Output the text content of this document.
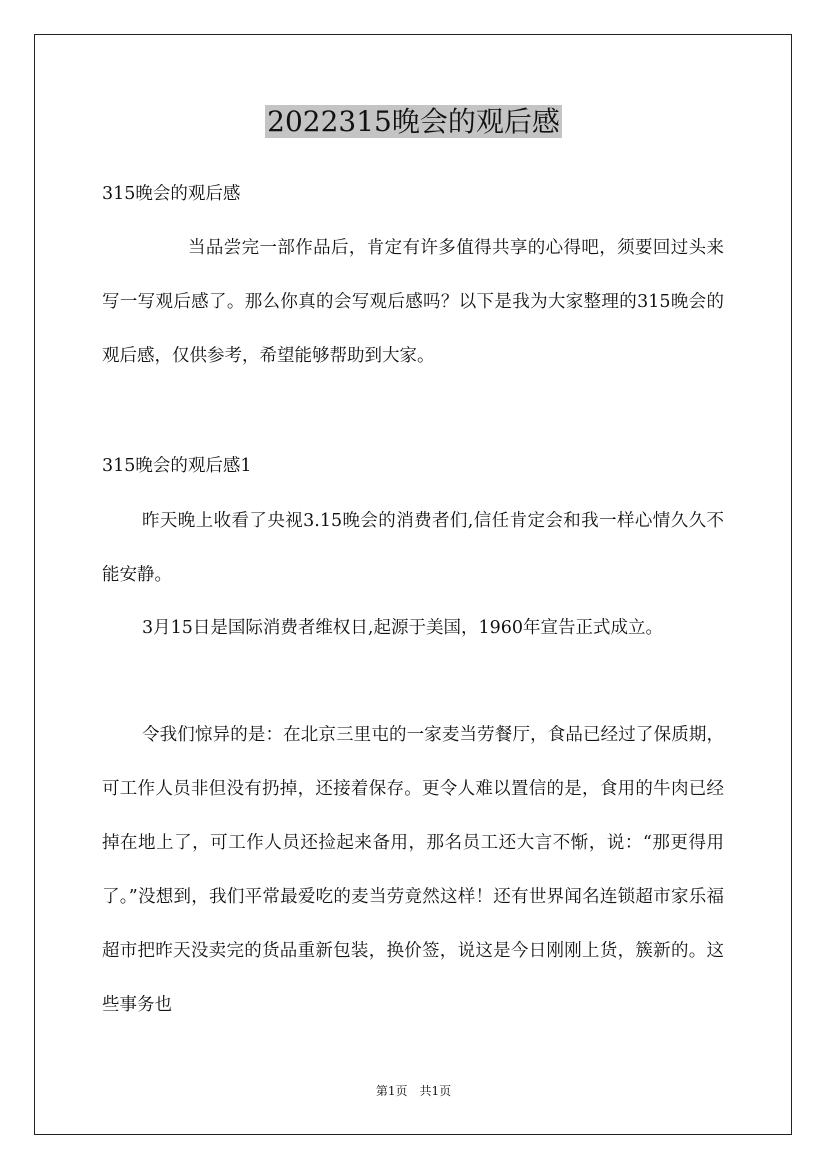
2022315晚会的观后感

315晚会的观后感

当品尝完一部作品后，肯定有许多值得共享的心得吧，须要回过头来写一写观后感了。那么你真的会写观后感吗？以下是我为大家整理的315晚会的观后感，仅供参考，希望能够帮助到大家。

315晚会的观后感1

昨天晚上收看了央视3.15晚会的消费者们,信任肯定会和我一样心情久久不能安静。

3月15日是国际消费者维权日,起源于美国，1960年宣告正式成立。

令我们惊异的是：在北京三里屯的一家麦当劳餐厅，食品已经过了保质期，可工作人员非但没有扔掉，还接着保存。更令人难以置信的是，食用的牛肉已经掉在地上了，可工作人员还捡起来备用，那名员工还大言不惭，说：“那更得用了。”没想到，我们平常最爱吃的麦当劳竟然这样！还有世界闻名连锁超市家乐福超市把昨天没卖完的货品重新包装，换价签，说这是今日刚刚上货，簇新的。这些事务也

第1页　共1页
